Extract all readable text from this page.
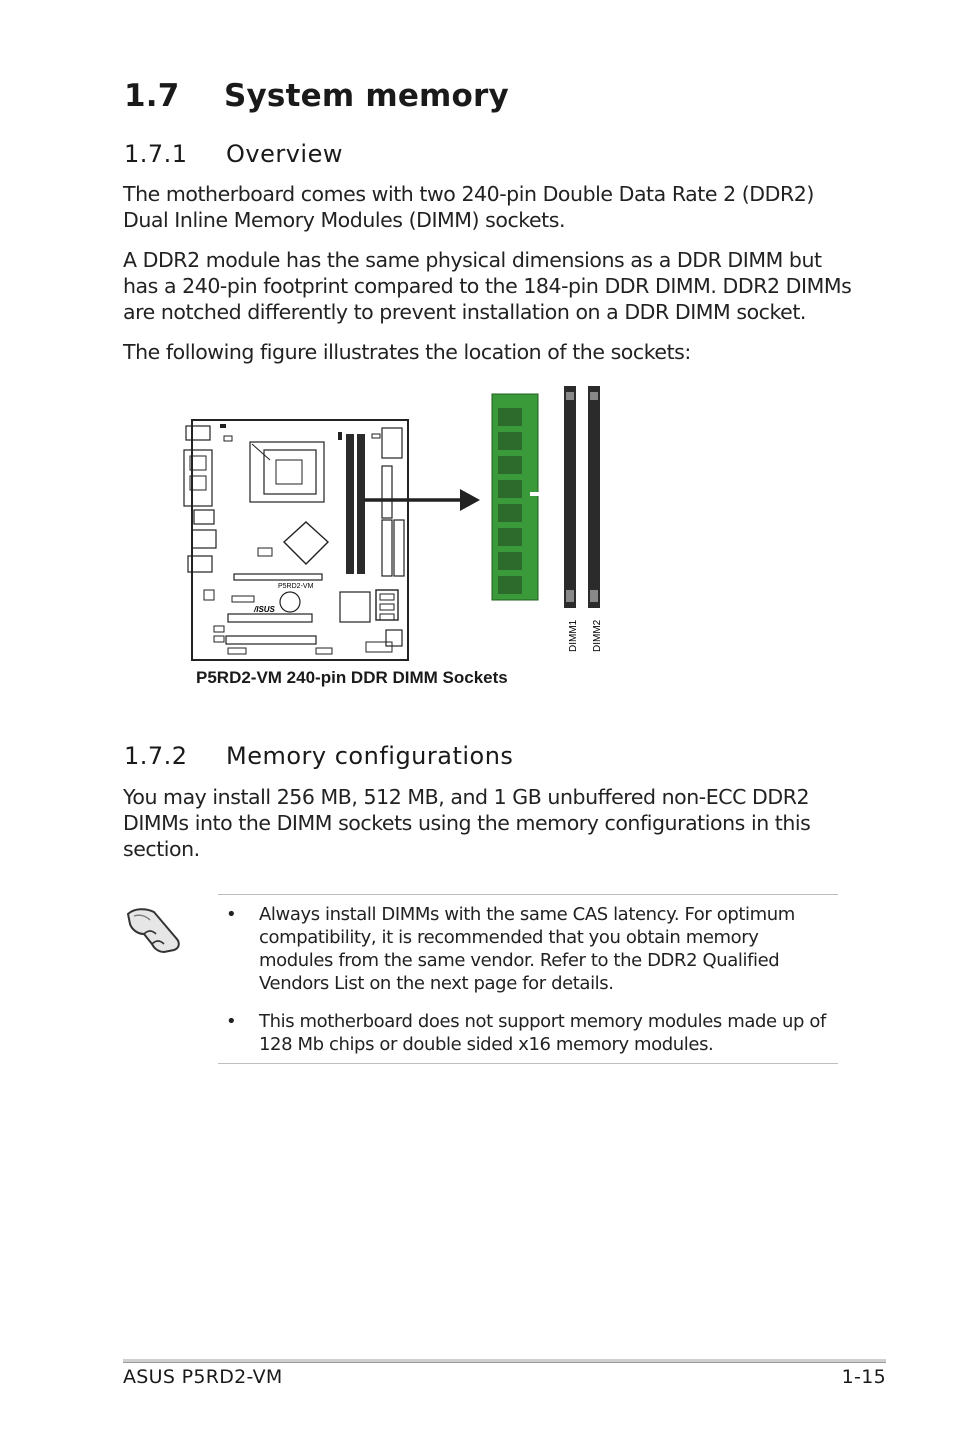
1.7 System memory
1.7.1 Overview

The motherboard comes with two 240-pin Double Data Rate 2 (DDR2) Dual Inline Memory Modules (DIMM) sockets.

A DDR2 module has the same physical dimensions as a DDR DIMM but has a 240-pin footprint compared to the 184-pin DDR DIMM. DDR2 DIMMs are notched differently to prevent installation on a DDR DIMM socket.

The following figure illustrates the location of the sockets:

P5RD2-VM
/ISUS
DIMM1 DIMM2
P5RD2-VM 240-pin DDR DIMM Sockets
1.7.2 Memory configurations

You may install 256 MB, 512 MB, and 1 GB unbuffered non-ECC DDR2 DIMMs into the DIMM sockets using the memory configurations in this section.

• Always install DIMMs with the same CAS latency. For optimum compatibility, it is recommended that you obtain memory modules from the same vendor. Refer to the DDR2 Qualified Vendors List on the next page for details.
• This motherboard does not support memory modules made up of 128 Mb chips or double sided x16 memory modules.
ASUS P5RD2-VM	1-15
